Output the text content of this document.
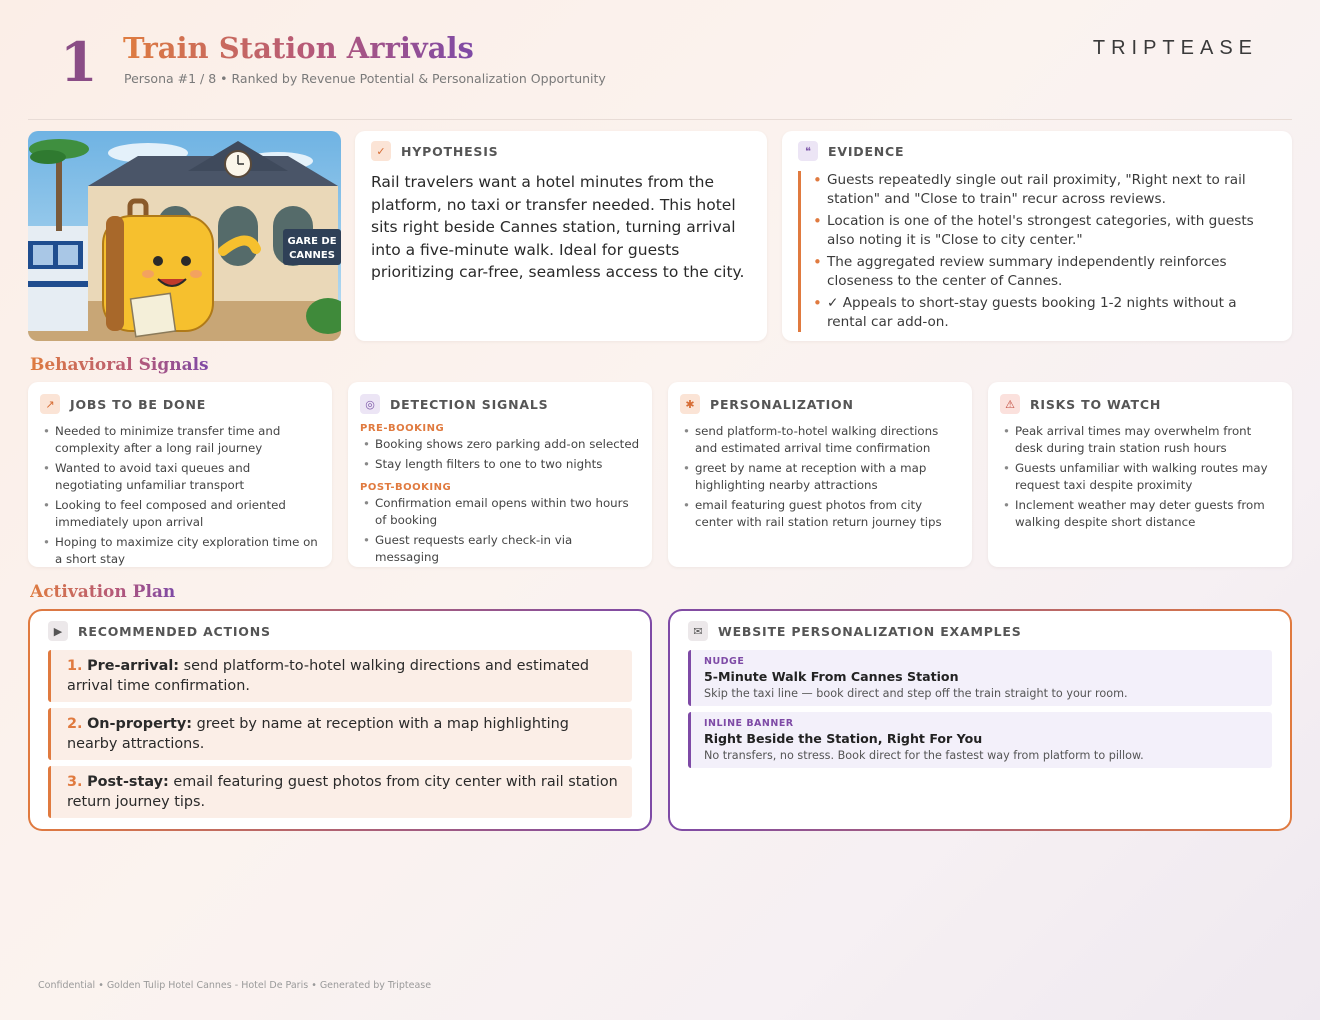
1 Train Station Arrivals
Persona #1 / 8 • Ranked by Revenue Potential & Personalization Opportunity
TRIPTEASE
GARE DE
CANNES
✓	HYPOTHESIS
Rail travelers want a hotel minutes from the platform, no taxi or transfer needed. This hotel sits right beside Cannes station, turning arrival into a five-minute walk. Ideal for guests prioritizing car-free, seamless access to the city.
❝	EVIDENCE
• Guests repeatedly single out rail proximity, "Right next to rail station" and "Close to train" recur across reviews.
• Location is one of the hotel's strongest categories, with guests also noting it is "Close to city center."
• The aggregated review summary independently reinforces closeness to the center of Cannes.
• ✓ Appeals to short-stay guests booking 1-2 nights without a rental car add-on.
Behavioral Signals
↗	JOBS TO BE DONE
• Needed to minimize transfer time and complexity after a long rail journey
• Wanted to avoid taxi queues and negotiating unfamiliar transport
• Looking to feel composed and oriented immediately upon arrival
• Hoping to maximize city exploration time on a short stay
◎	DETECTION SIGNALS
PRE-BOOKING
• Booking shows zero parking add-on selected
• Stay length filters to one to two nights
POST-BOOKING
• Confirmation email opens within two hours of booking
• Guest requests early check-in via messaging
✱	PERSONALIZATION
• send platform-to-hotel walking directions and estimated arrival time confirmation
• greet by name at reception with a map highlighting nearby attractions
• email featuring guest photos from city center with rail station return journey tips
⚠	RISKS TO WATCH
• Peak arrival times may overwhelm front desk during train station rush hours
• Guests unfamiliar with walking routes may request taxi despite proximity
• Inclement weather may deter guests from walking despite short distance
Activation Plan
▶	RECOMMENDED ACTIONS
1. Pre-arrival: send platform-to-hotel walking directions and estimated arrival time confirmation.
2. On-property: greet by name at reception with a map highlighting nearby attractions.
3. Post-stay: email featuring guest photos from city center with rail station return journey tips.
✉	WEBSITE PERSONALIZATION EXAMPLES
NUDGE
5-Minute Walk From Cannes Station
Skip the taxi line — book direct and step off the train straight to your room.
INLINE BANNER
Right Beside the Station, Right For You
No transfers, no stress. Book direct for the fastest way from platform to pillow.
Confidential • Golden Tulip Hotel Cannes - Hotel De Paris • Generated by Triptease
